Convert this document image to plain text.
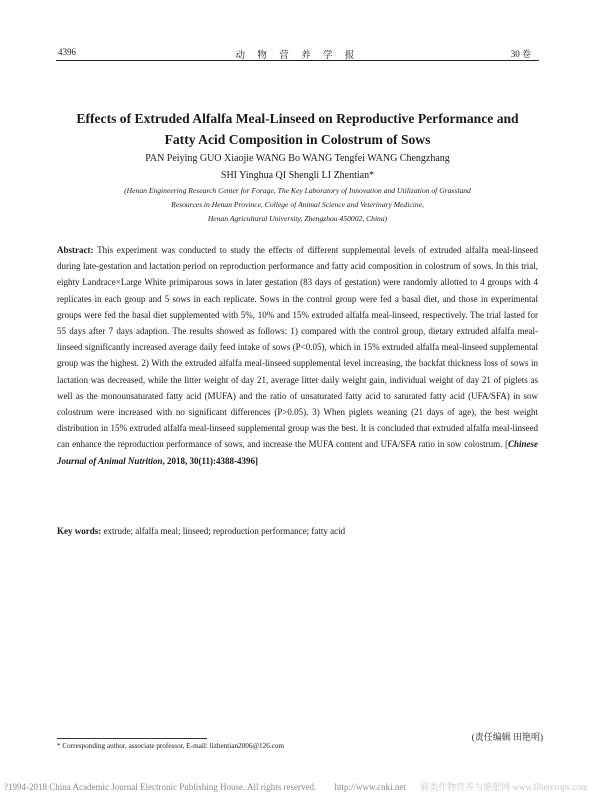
4396	动 物 营 养 学 报	30 卷
Effects of Extruded Alfalfa Meal-Linseed on Reproductive Performance and
Fatty Acid Composition in Colostrum of Sows
PAN Peiying GUO Xiaojie WANG Bo WANG Tengfei WANG Chengzhang
SHI Yinghua QI Shengli LI Zhentian*
(Henan Engineering Research Center for Forage, The Key Laboratory of Innovation and Utilization of Grassland
Resources in Henan Province, College of Animal Science and Veterinary Medicine,
Henan Agricultural University, Zhengzhou 450002, China)
Abstract: This experiment was conducted to study the effects of different supplemental levels of extruded alfalfa meal-linseed during late-gestation and lactation period on reproduction performance and fatty acid composition in colostrum of sows. In this trial, eighty Landrace×Large White primiparous sows in later gestation (83 days of gestation) were randomly allotted to 4 groups with 4 replicates in each group and 5 sows in each replicate. Sows in the control group were fed a basal diet, and those in experimental groups were fed the basal diet supplemented with 5%, 10% and 15% extruded alfalfa meal-linseed, respectively. The trial lasted for 55 days after 7 days adaption. The results showed as follows: 1) compared with the control group, dietary extruded alfalfa meal-linseed significantly increased average daily feed intake of sows (P<0.05), which in 15% extruded alfalfa meal-linseed supplemental group was the highest. 2) With the extruded alfalfa meal-linseed supplemental level increasing, the backfat thickness loss of sows in lactation was decreased, while the litter weight of day 21, average litter daily weight gain, individual weight of day 21 of piglets as well as the monounsaturated fatty acid (MUFA) and the ratio of unsaturated fatty acid to saturated fatty acid (UFA/SFA) in sow colostrum were increased with no significant differences (P>0.05). 3) When piglets weaning (21 days of age), the best weight distribution in 15% extruded alfalfa meal-linseed supplemental group was the best. It is concluded that extruded alfalfa meal-linseed can enhance the reproduction performance of sows, and increase the MUFA content and UFA/SFA ratio in sow colostrum. [Chinese Journal of Animal Nutrition, 2018, 30(11):4388-4396]
Key words: extrude; alfalfa meal; linseed; reproduction performance; fatty acid
(责任编辑 田艳明)
* Corresponding author, associate professor, E-mail: lizhentian2006@126.com
?1994-2018 China Academic Journal Electronic Publishing House. All rights reserved. http://www.cnki.net 麻类作物营养与施肥网 www.fibercrops.com
